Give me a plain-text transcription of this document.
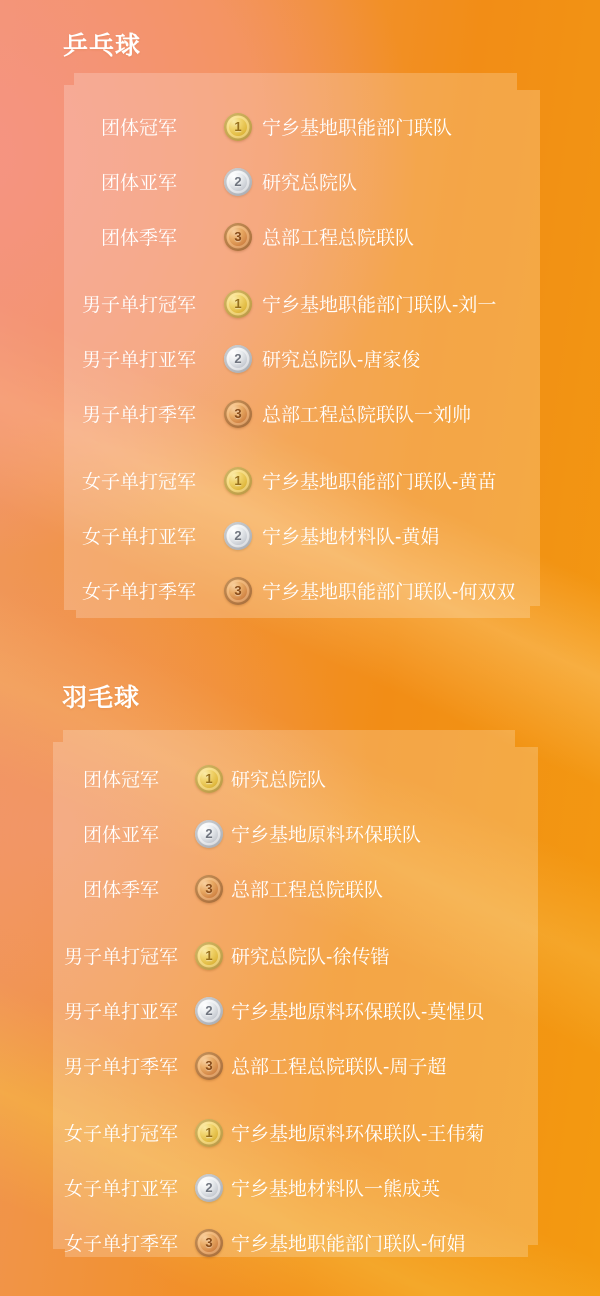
乒乓球
团体冠军	1 宁乡基地职能部门联队
团体亚军	2 研究总院队
团体季军	3 总部工程总院联队
男子单打冠军	1 宁乡基地职能部门联队-刘一
男子单打亚军	2 研究总院队-唐家俊
男子单打季军	3 总部工程总院联队一刘帅
女子单打冠军	1 宁乡基地职能部门联队-黄苗
女子单打亚军	2 宁乡基地材料队-黄娟
女子单打季军	3 宁乡基地职能部门联队-何双双
羽毛球
团体冠军	1 研究总院队
团体亚军	2 宁乡基地原料环保联队
团体季军	3 总部工程总院联队
男子单打冠军	1 研究总院队-徐传锴
男子单打亚军	2 宁乡基地原料环保联队-莫惺贝
男子单打季军	3 总部工程总院联队-周子超
女子单打冠军	1 宁乡基地原料环保联队-王伟菊
女子单打亚军	2 宁乡基地材料队一熊成英
女子单打季军	3 宁乡基地职能部门联队-何娟
